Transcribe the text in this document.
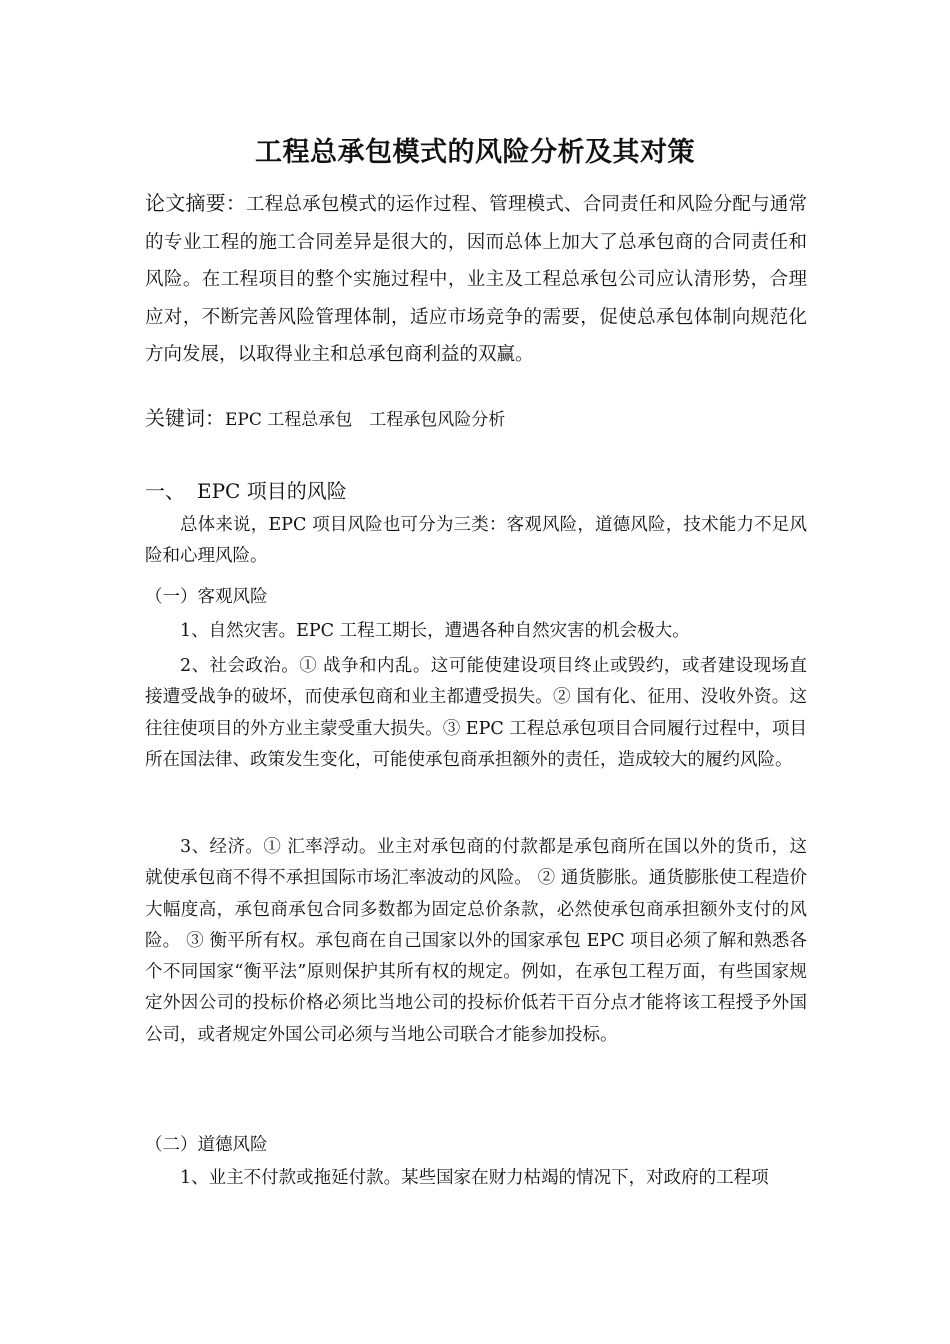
工程总承包模式的风险分析及其对策

论文摘要：工程总承包模式的运作过程、管理模式、合同责任和风险分配与通常的专业工程的施工合同差异是很大的，因而总体上加大了总承包商的合同责任和风险。在工程项目的整个实施过程中，业主及工程总承包公司应认清形势，合理应对，不断完善风险管理体制，适应市场竞争的需要，促使总承包体制向规范化方向发展，以取得业主和总承包商利益的双赢。

关键词：EPC 工程总承包　工程承包风险分析

一、 EPC 项目的风险

总体来说，EPC 项目风险也可分为三类：客观风险，道德风险，技术能力不足风险和心理风险。

（一）客观风险

1、自然灾害。EPC 工程工期长，遭遇各种自然灾害的机会极大。

2、社会政治。① 战争和内乱。这可能使建设项目终止或毁约，或者建设现场直接遭受战争的破坏，而使承包商和业主都遭受损失。② 国有化、征用、没收外资。这往往使项目的外方业主蒙受重大损失。③ EPC 工程总承包项目合同履行过程中，项目所在国法律、政策发生变化，可能使承包商承担额外的责任，造成较大的履约风险。

3、经济。① 汇率浮动。业主对承包商的付款都是承包商所在国以外的货币，这就使承包商不得不承担国际市场汇率波动的风险。 ② 通货膨胀。通货膨胀使工程造价大幅度高，承包商承包合同多数都为固定总价条款，必然使承包商承担额外支付的风险。 ③ 衡平所有权。承包商在自己国家以外的国家承包 EPC 项目必须了解和熟悉各个不同国家“衡平法”原则保护其所有权的规定。例如，在承包工程万面，有些国家规定外因公司的投标价格必须比当地公司的投标价低若干百分点才能将该工程授予外国公司，或者规定外国公司必须与当地公司联合才能参加投标。

（二）道德风险

1、业主不付款或拖延付款。某些国家在财力枯竭的情况下，对政府的工程项
